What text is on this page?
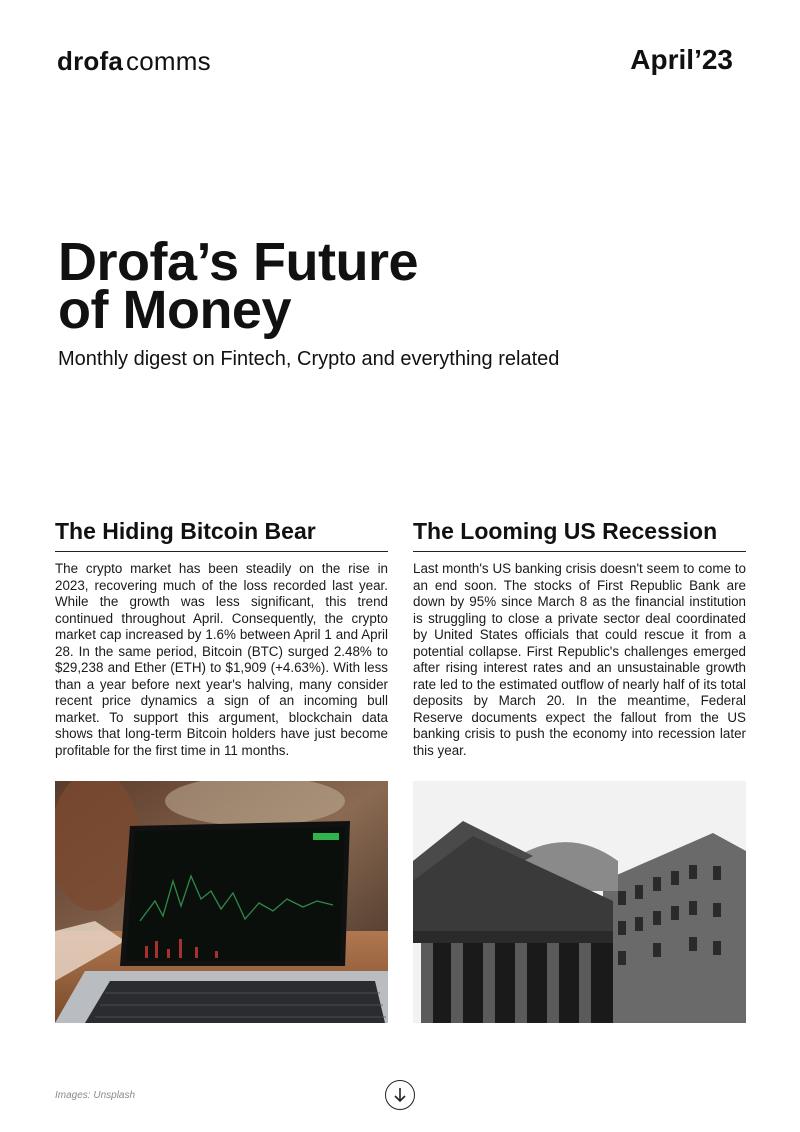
drofa comms	April’23
Drofa’s Future
of Money
Monthly digest on Fintech, Crypto and everything related
The Hiding Bitcoin Bear

The crypto market has been steadily on the rise in 2023, recovering much of the loss recorded last year. While the growth was less significant, this trend continued throughout April. Consequently, the crypto market cap increased by 1.6% between April 1 and April 28. In the same period, Bitcoin (BTC) surged 2.48% to $29,238 and Ether (ETH) to $1,909 (+4.63%). With less than a year before next year's halving, many consider recent price dynamics a sign of an incoming bull market. To support this argument, blockchain data shows that long-term Bitcoin holders have just become profitable for the first time in 11 months.

The Looming US Recession

Last month's US banking crisis doesn't seem to come to an end soon. The stocks of First Republic Bank are down by 95% since March 8 as the financial institution is struggling to close a private sector deal coordinated by United States officials that could rescue it from a potential collapse. First Republic's challenges emerged after rising interest rates and an unsustainable growth rate led to the estimated outflow of nearly half of its total deposits by March 20. In the meantime, Federal Reserve documents expect the fallout from the US banking crisis to push the economy into recession later this year.

Images: Unsplash
